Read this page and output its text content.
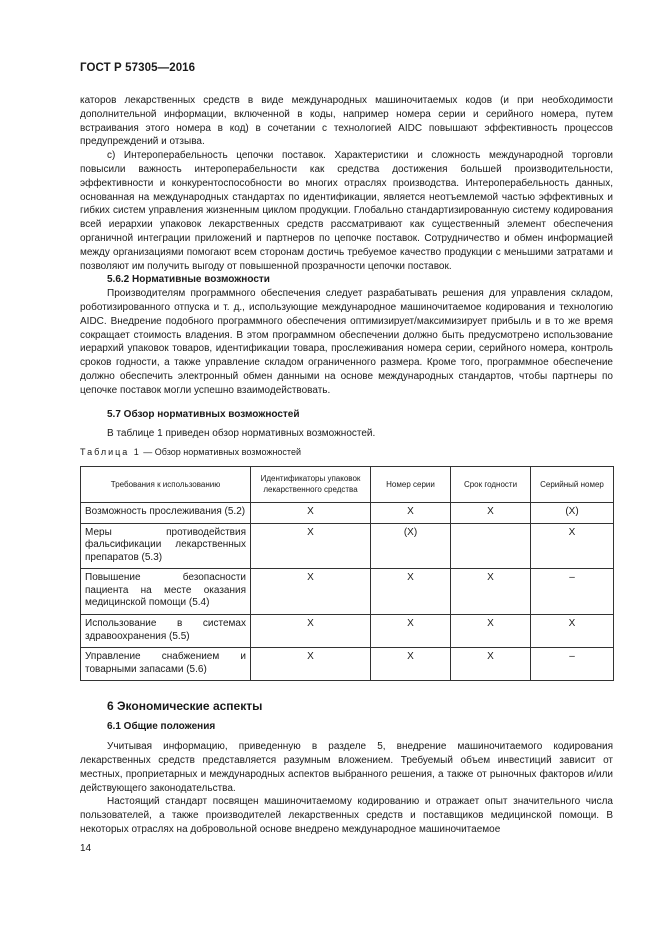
ГОСТ Р 57305—2016

каторов лекарственных средств в виде международных машиночитаемых кодов (и при необходимости дополнительной информации, включенной в коды, например номера серии и серийного номера, путем встраивания этого номера в код) в сочетании с технологией AIDC повышают эффективность процессов предупреждений и отзыва.

c) Интероперабельность цепочки поставок. Характеристики и сложность международной торговли повысили важность интероперабельности как средства достижения большей производительности, эффективности и конкурентоспособности во многих отраслях производства. Интероперабельность данных, основанная на международных стандартах по идентификации, является неотъемлемой частью эффективных и гибких систем управления жизненным циклом продукции. Глобально стандартизированную систему кодирования всей иерархии упаковок лекарственных средств рассматривают как существенный элемент обеспечения органичной интеграции приложений и партнеров по цепочке поставок. Сотрудничество и обмен информацией между организациями помогают всем сторонам достичь требуемое качество продукции с меньшими затратами и позволяют им получить выгоду от повышенной прозрачности цепочки поставок.

5.6.2 Нормативные возможности

Производителям программного обеспечения следует разрабатывать решения для управления складом, роботизированного отпуска и т. д., использующие международное машиночитаемое кодирования и технологию AIDC. Внедрение подобного программного обеспечения оптимизирует/максимизирует прибыль и в то же время сокращает стоимость владения. В этом программном обеспечении должно быть предусмотрено использование иерархий упаковок товаров, идентификации товара, прослеживания номера серии, серийного номера, контроль сроков годности, а также управление складом ограниченного размера. Кроме того, программное обеспечение должно обеспечить электронный обмен данными на основе международных стандартов, чтобы партнеры по цепочке поставок могли успешно взаимодействовать.

5.7 Обзор нормативных возможностей

В таблице 1 приведен обзор нормативных возможностей.

Таблица 1 — Обзор нормативных возможностей
Требования к использованию	Идентификаторы упаковок лекарственного средства	Номер серии	Срок годности	Серийный номер
Возможность прослеживания (5.2)	X	X	X	(X)
Меры противодействия фальсификации лекарственных препаратов (5.3)	X	(X)		X
Повышение безопасности пациента на месте оказания медицинской помощи (5.4)	X	X	X	–
Использование в системах здравоохранения (5.5)	X	X	X	X
Управление снабжением и товарными запасами (5.6)	X	X	X	–
6 Экономические аспекты
6.1 Общие положения

Учитывая информацию, приведенную в разделе 5, внедрение машиночитаемого кодирования лекарственных средств представляется разумным вложением. Требуемый объем инвестиций зависит от местных, проприетарных и международных аспектов выбранного решения, а также от рыночных факторов и/или действующего законодательства.

Настоящий стандарт посвящен машиночитаемому кодированию и отражает опыт значительного числа пользователей, а также производителей лекарственных средств и поставщиков медицинской помощи. В некоторых отраслях на добровольной основе внедрено международное машиночитаемое

14
